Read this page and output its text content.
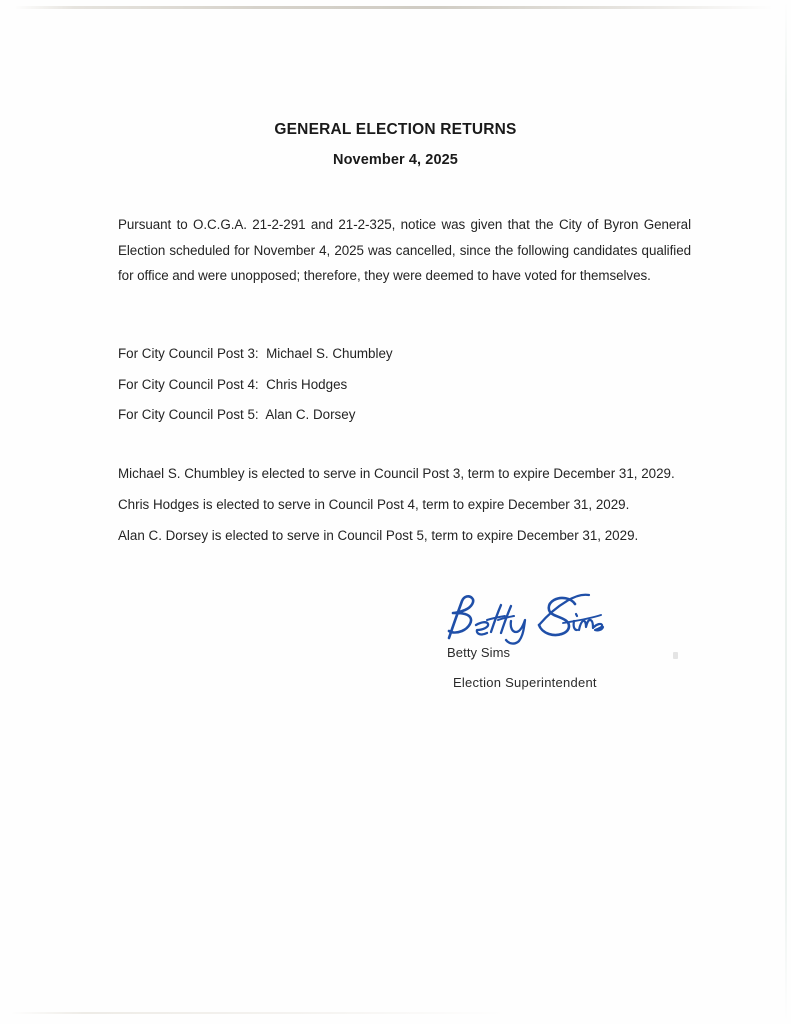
GENERAL ELECTION RETURNS
November 4, 2025
Pursuant to O.C.G.A. 21-2-291 and 21-2-325, notice was given that the City of Byron General Election scheduled for November 4, 2025 was cancelled, since the following candidates qualified for office and were unopposed; therefore, they were deemed to have voted for themselves.
For City Council Post 3:  Michael S. Chumbley
For City Council Post 4:  Chris Hodges
For City Council Post 5:  Alan C. Dorsey
Michael S. Chumbley is elected to serve in Council Post 3, term to expire December 31, 2029.
Chris Hodges is elected to serve in Council Post 4, term to expire December 31, 2029.
Alan C. Dorsey is elected to serve in Council Post 5, term to expire December 31, 2029.
Betty Sims
Election Superintendent
